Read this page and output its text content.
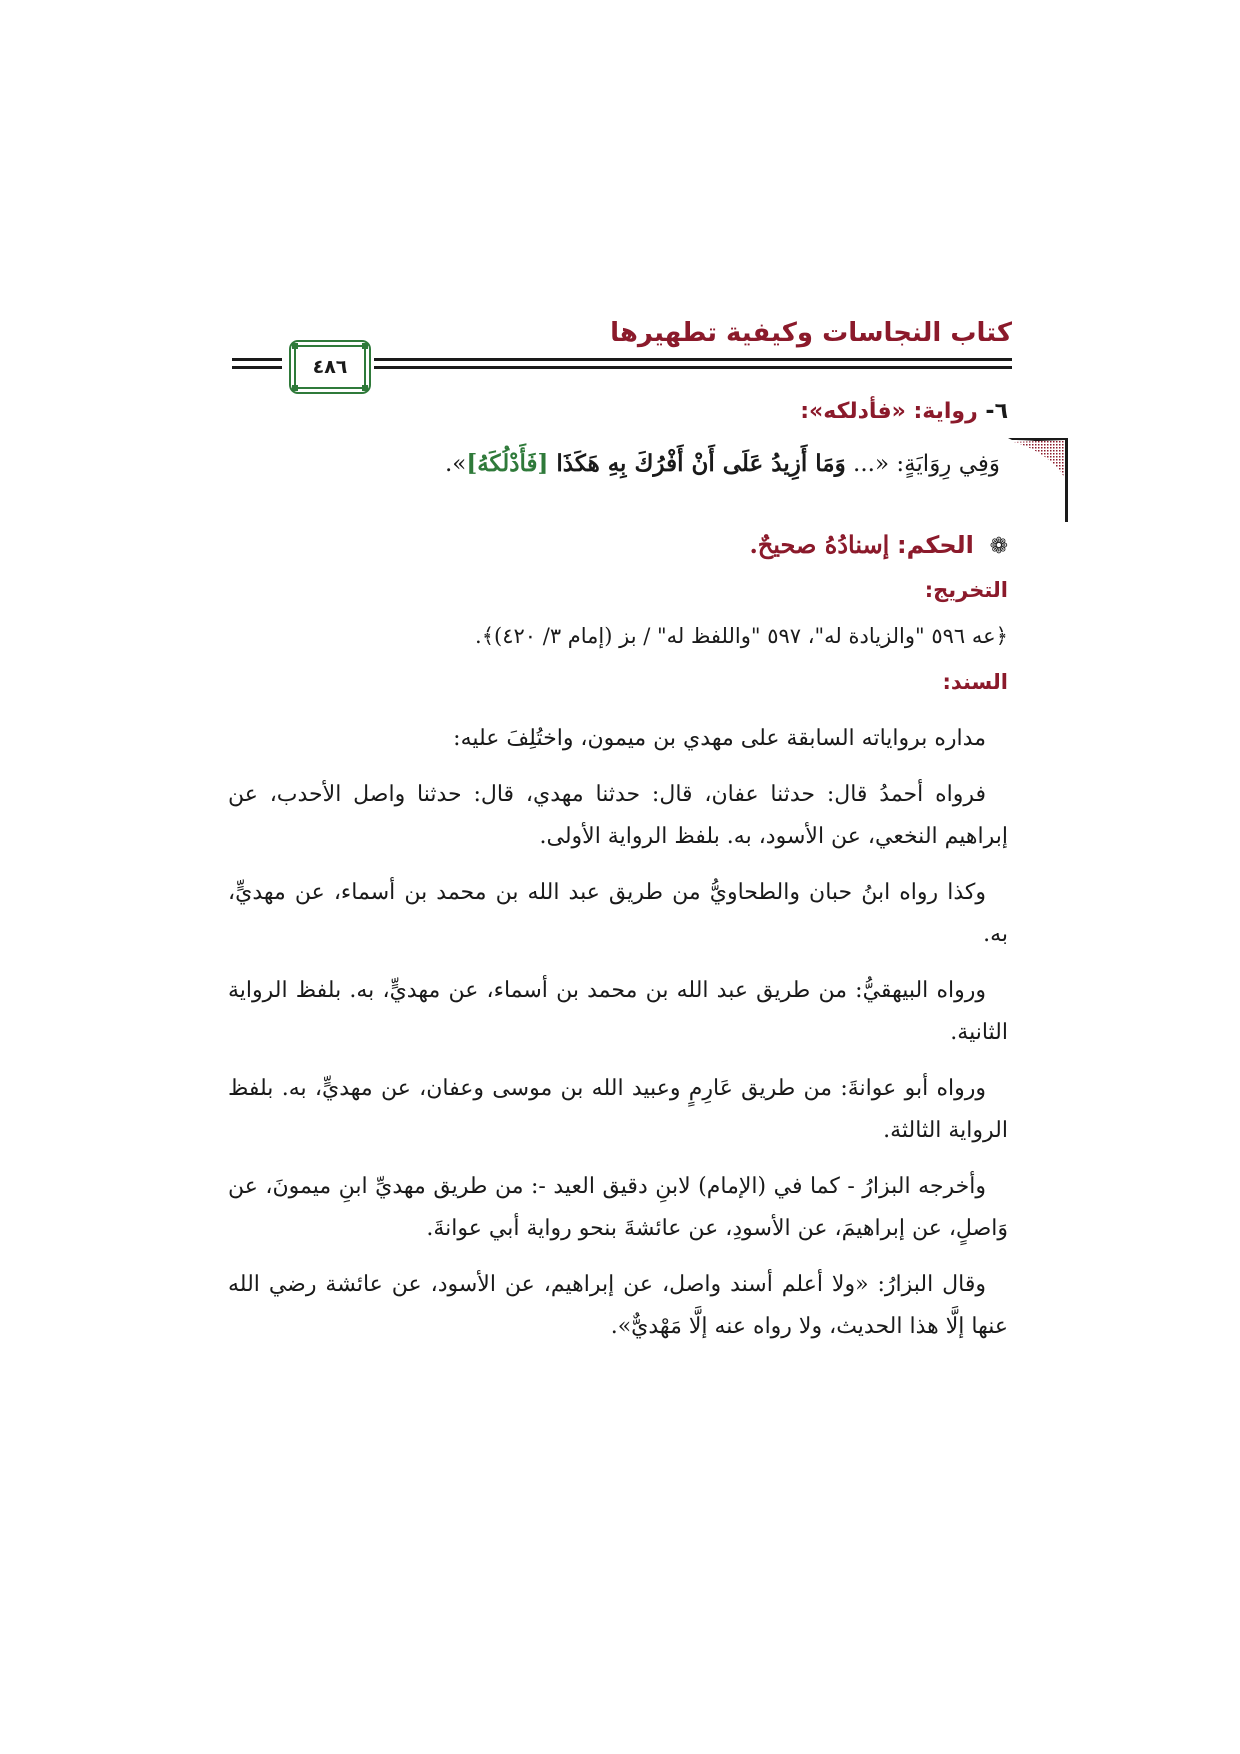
٤٨٦
كتاب النجاسات وكيفية تطهيرها
٦- رواية: «فأدلكه»:
وَفِي رِوَايَةٍ: «... وَمَا أَزِيدُ عَلَى أَنْ أَفْرُكَ بِهِ هَكَذَا [فَأَدْلُكَهُ]».
❁ الحكم: إسنادُهُ صحيحٌ.
التخريج:
﴿عه ٥٩٦ "والزيادة له"، ٥٩٧ "واللفظ له" / بز (إمام ٣/ ٤٢٠)﴾.
السند:

مداره برواياته السابقة على مهدي بن ميمون، واختُلِفَ عليه:

فرواه أحمدُ قال: حدثنا عفان، قال: حدثنا مهدي، قال: حدثنا واصل الأحدب، عن إبراهيم النخعي، عن الأسود، به. بلفظ الرواية الأولى.

وكذا رواه ابنُ حبان والطحاويُّ من طريق عبد الله بن محمد بن أسماء، عن مهديٍّ، به.

ورواه البيهقيُّ: من طريق عبد الله بن محمد بن أسماء، عن مهديٍّ، به. بلفظ الرواية الثانية.

ورواه أبو عوانةَ: من طريق عَارِمٍ وعبيد الله بن موسى وعفان، عن مهديٍّ، به. بلفظ الرواية الثالثة.

وأخرجه البزارُ - كما في (الإمام) لابنِ دقيق العيد -: من طريق مهديِّ ابنِ ميمونَ، عن وَاصلٍ، عن إبراهيمَ، عن الأسودِ، عن عائشةَ بنحو رواية أبي عوانةَ.

وقال البزارُ: «ولا أعلم أسند واصل، عن إبراهيم، عن الأسود، عن عائشة رضي الله عنها إلَّا هذا الحديث، ولا رواه عنه إلَّا مَهْديٌّ».
